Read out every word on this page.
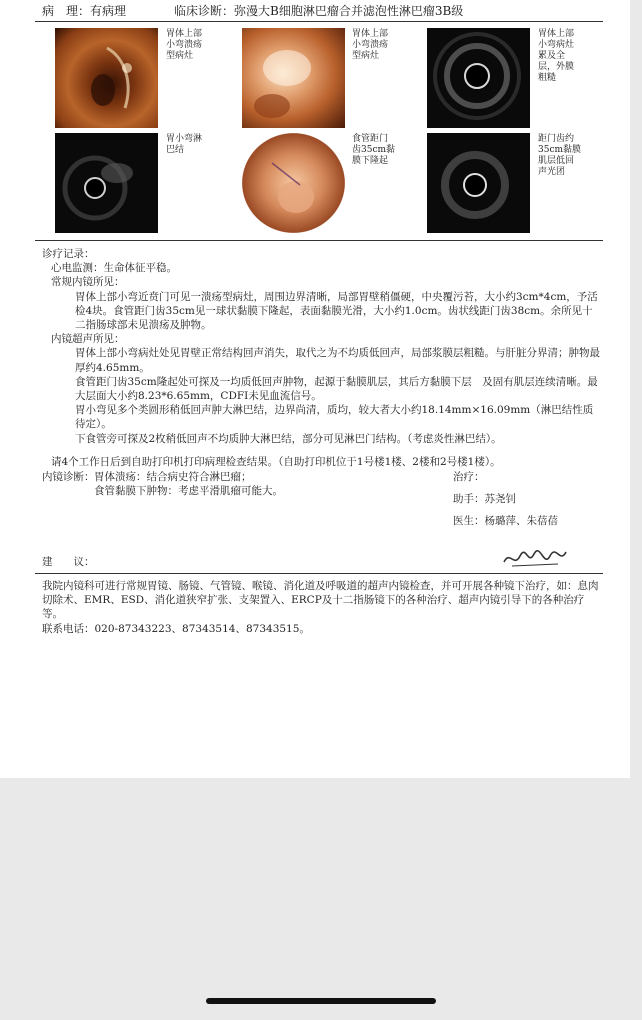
病　理：有病理	临床诊断：弥漫大B细胞淋巴瘤合并滤泡性淋巴瘤3B级
胃体上部小弯溃疡型病灶
胃体上部小弯溃疡型病灶
胃体上部小弯病灶累及全层，外膜粗糙
胃小弯淋巴结
食管距门齿35cm黏膜下隆起
距门齿约35cm黏膜肌层低回声光团
诊疗记录：
心电监测：生命体征平稳。
常规内镜所见：
胃体上部小弯近贲门可见一溃疡型病灶，周围边界清晰，局部胃壁稍僵硬，中央覆污苔，大小约3cm*4cm，予活检4块。食管距门齿35cm见一球状黏膜下隆起，表面黏膜光滑，大小约1.0cm。齿状线距门齿38cm。余所见十二指肠球部未见溃疡及肿物。
内镜超声所见：
胃体上部小弯病灶处见胃壁正常结构回声消失，取代之为不均质低回声，局部浆膜层粗糙。与肝脏分界清；肿物最厚约4.65mm。
食管距门齿35cm隆起处可探及一均质低回声肿物，起源于黏膜肌层，其后方黏膜下层　及固有肌层连续清晰。最大层面大小约8.23*6.65mm，CDFI未见血流信号。
胃小弯见多个类圆形稍低回声肿大淋巴结，边界尚清，质均，较大者大小约18.14mm×16.09mm（淋巴结性质待定）。
下食管旁可探及2枚稍低回声不均质肿大淋巴结，部分可见淋巴门结构。（考虑炎性淋巴结）。
请4个工作日后到自助打印机打印病理检查结果。（自助打印机位于1号楼1楼、2楼和2号楼1楼）。
内镜诊断： 胃体溃疡：结合病史符合淋巴瘤；
食管黏膜下肿物：考虑平滑肌瘤可能大。
治疗：
助手：苏尧钊
医生：杨璐萍、朱蓓蓓
建　　议：
我院内镜科可进行常规胃镜、肠镜、气管镜、喉镜、消化道及呼吸道的超声内镜检查，并可开展各种镜下治疗，如：息肉切除术、EMR、ESD、消化道狭窄扩张、支架置入、ERCP及十二指肠镜下的各种治疗、超声内镜引导下的各种治疗等。
联系电话：020-87343223、87343514、87343515。
